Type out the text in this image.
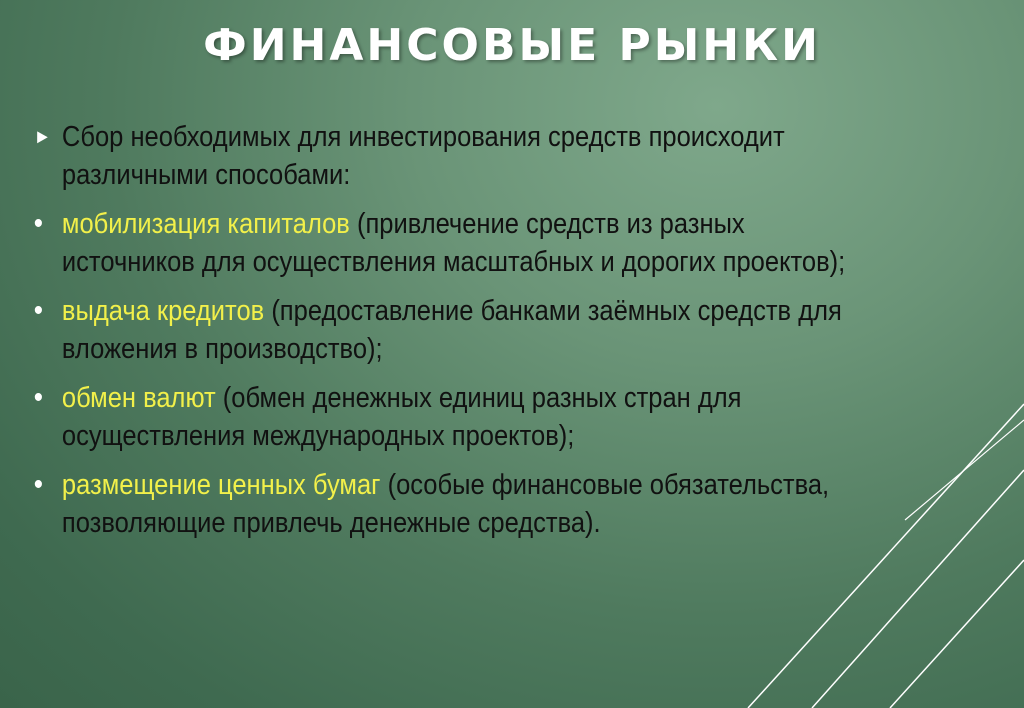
ФИНАНСОВЫЕ РЫНКИ
► Сбор необходимых для инвестирования средств происходит различными способами:
• мобилизация капиталов (привлечение средств из разных источников для осуществления масштабных и дорогих проектов);
• выдача кредитов (предоставление банками заёмных средств для вложения в производство);
• обмен валют (обмен денежных единиц разных стран для осуществления международных проектов);
• размещение ценных бумаг (особые финансовые обязательства, позволяющие привлечь денежные средства).
